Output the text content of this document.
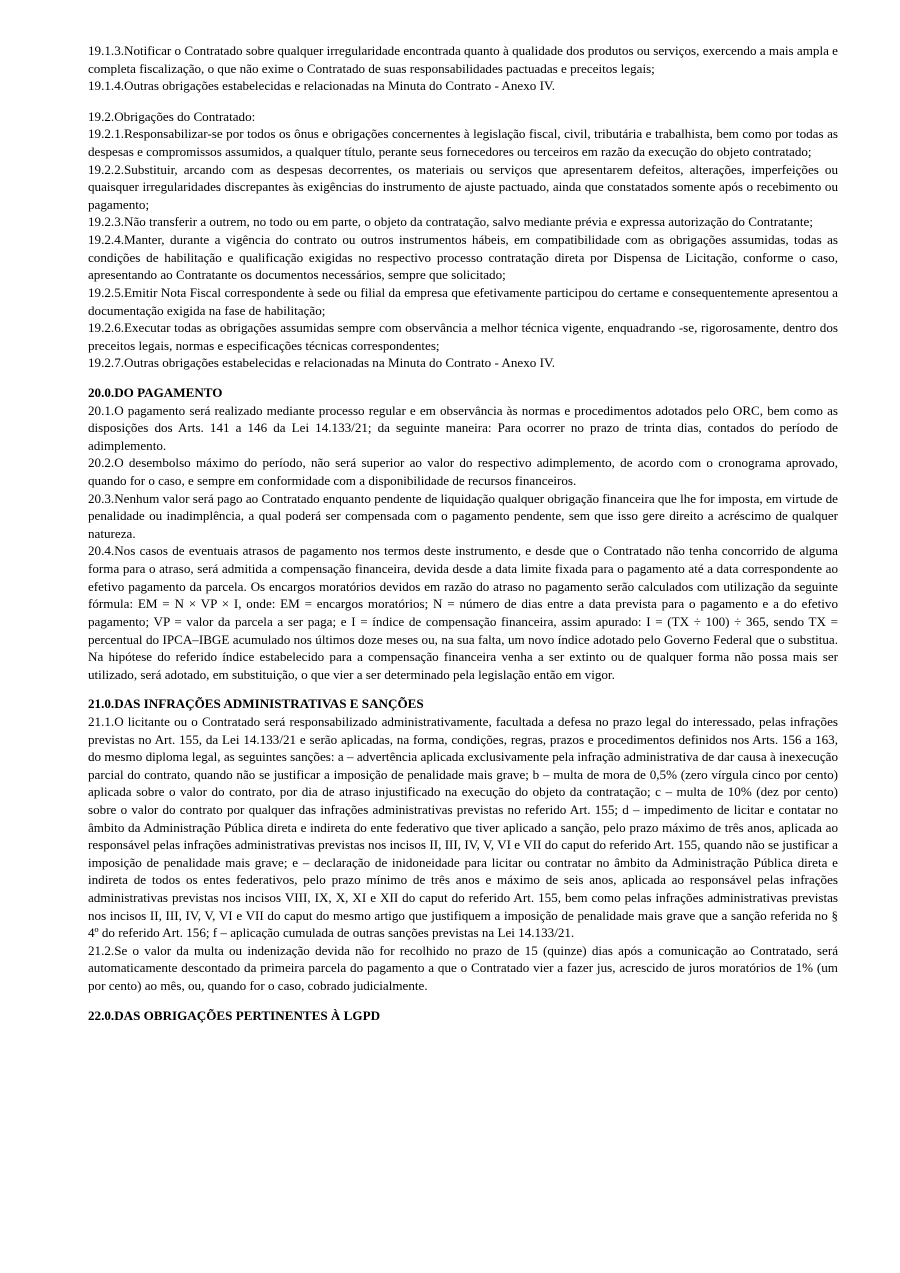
19.1.3.Notificar o Contratado sobre qualquer irregularidade encontrada quanto à qualidade dos produtos ou serviços, exercendo a mais ampla e completa fiscalização, o que não exime o Contratado de suas responsabilidades pactuadas e preceitos legais;

19.1.4.Outras obrigações estabelecidas e relacionadas na Minuta do Contrato - Anexo IV.

19.2.Obrigações do Contratado:

19.2.1.Responsabilizar-se por todos os ônus e obrigações concernentes à legislação fiscal, civil, tributária e trabalhista, bem como por todas as despesas e compromissos assumidos, a qualquer título, perante seus fornecedores ou terceiros em razão da execução do objeto contratado;

19.2.2.Substituir, arcando com as despesas decorrentes, os materiais ou serviços que apresentarem defeitos, alterações, imperfeições ou quaisquer irregularidades discrepantes às exigências do instrumento de ajuste pactuado, ainda que constatados somente após o recebimento ou pagamento;

19.2.3.Não transferir a outrem, no todo ou em parte, o objeto da contratação, salvo mediante prévia e expressa autorização do Contratante;

19.2.4.Manter, durante a vigência do contrato ou outros instrumentos hábeis, em compatibilidade com as obrigações assumidas, todas as condições de habilitação e qualificação exigidas no respectivo processo contratação direta por Dispensa de Licitação, conforme o caso, apresentando ao Contratante os documentos necessários, sempre que solicitado;

19.2.5.Emitir Nota Fiscal correspondente à sede ou filial da empresa que efetivamente participou do certame e consequentemente apresentou a documentação exigida na fase de habilitação;

19.2.6.Executar todas as obrigações assumidas sempre com observância a melhor técnica vigente, enquadrando -se, rigorosamente, dentro dos preceitos legais, normas e especificações técnicas correspondentes;

19.2.7.Outras obrigações estabelecidas e relacionadas na Minuta do Contrato - Anexo IV.

20.0.DO PAGAMENTO

20.1.O pagamento será realizado mediante processo regular e em observância às normas e procedimentos adotados pelo ORC, bem como as disposições dos Arts. 141 a 146 da Lei 14.133/21; da seguinte maneira: Para ocorrer no prazo de trinta dias, contados do período de adimplemento.

20.2.O desembolso máximo do período, não será superior ao valor do respectivo adimplemento, de acordo com o cronograma aprovado, quando for o caso, e sempre em conformidade com a disponibilidade de recursos financeiros.

20.3.Nenhum valor será pago ao Contratado enquanto pendente de liquidação qualquer obrigação financeira que lhe for imposta, em virtude de penalidade ou inadimplência, a qual poderá ser compensada com o pagamento pendente, sem que isso gere direito a acréscimo de qualquer natureza.

20.4.Nos casos de eventuais atrasos de pagamento nos termos deste instrumento, e desde que o Contratado não tenha concorrido de alguma forma para o atraso, será admitida a compensação financeira, devida desde a data limite fixada para o pagamento até a data correspondente ao efetivo pagamento da parcela. Os encargos moratórios devidos em razão do atraso no pagamento serão calculados com utilização da seguinte fórmula: EM = N × VP × I, onde: EM = encargos moratórios; N = número de dias entre a data prevista para o pagamento e a do efetivo pagamento; VP = valor da parcela a ser paga; e I = índice de compensação financeira, assim apurado: I = (TX ÷ 100) ÷ 365, sendo TX = percentual do IPCA–IBGE acumulado nos últimos doze meses ou, na sua falta, um novo índice adotado pelo Governo Federal que o substitua. Na hipótese do referido índice estabelecido para a compensação financeira venha a ser extinto ou de qualquer forma não possa mais ser utilizado, será adotado, em substituição, o que vier a ser determinado pela legislação então em vigor.

21.0.DAS INFRAÇÕES ADMINISTRATIVAS E SANÇÕES

21.1.O licitante ou o Contratado será responsabilizado administrativamente, facultada a defesa no prazo legal do interessado, pelas infrações previstas no Art. 155, da Lei 14.133/21 e serão aplicadas, na forma, condições, regras, prazos e procedimentos definidos nos Arts. 156 a 163, do mesmo diploma legal, as seguintes sanções: a – advertência aplicada exclusivamente pela infração administrativa de dar causa à inexecução parcial do contrato, quando não se justificar a imposição de penalidade mais grave; b – multa de mora de 0,5% (zero vírgula cinco por cento) aplicada sobre o valor do contrato, por dia de atraso injustificado na execução do objeto da contratação; c – multa de 10% (dez por cento) sobre o valor do contrato por qualquer das infrações administrativas previstas no referido Art. 155; d – impedimento de licitar e contatar no âmbito da Administração Pública direta e indireta do ente federativo que tiver aplicado a sanção, pelo prazo máximo de três anos, aplicada ao responsável pelas infrações administrativas previstas nos incisos II, III, IV, V, VI e VII do caput do referido Art. 155, quando não se justificar a imposição de penalidade mais grave; e – declaração de inidoneidade para licitar ou contratar no âmbito da Administração Pública direta e indireta de todos os entes federativos, pelo prazo mínimo de três anos e máximo de seis anos, aplicada ao responsável pelas infrações administrativas previstas nos incisos VIII, IX, X, XI e XII do caput do referido Art. 155, bem como pelas infrações administrativas previstas nos incisos II, III, IV, V, VI e VII do caput do mesmo artigo que justifiquem a imposição de penalidade mais grave que a sanção referida no § 4º do referido Art. 156; f – aplicação cumulada de outras sanções previstas na Lei 14.133/21.

21.2.Se o valor da multa ou indenização devida não for recolhido no prazo de 15 (quinze) dias após a comunicação ao Contratado, será automaticamente descontado da primeira parcela do pagamento a que o Contratado vier a fazer jus, acrescido de juros moratórios de 1% (um por cento) ao mês, ou, quando for o caso, cobrado judicialmente.

22.0.DAS OBRIGAÇÕES PERTINENTES À LGPD
